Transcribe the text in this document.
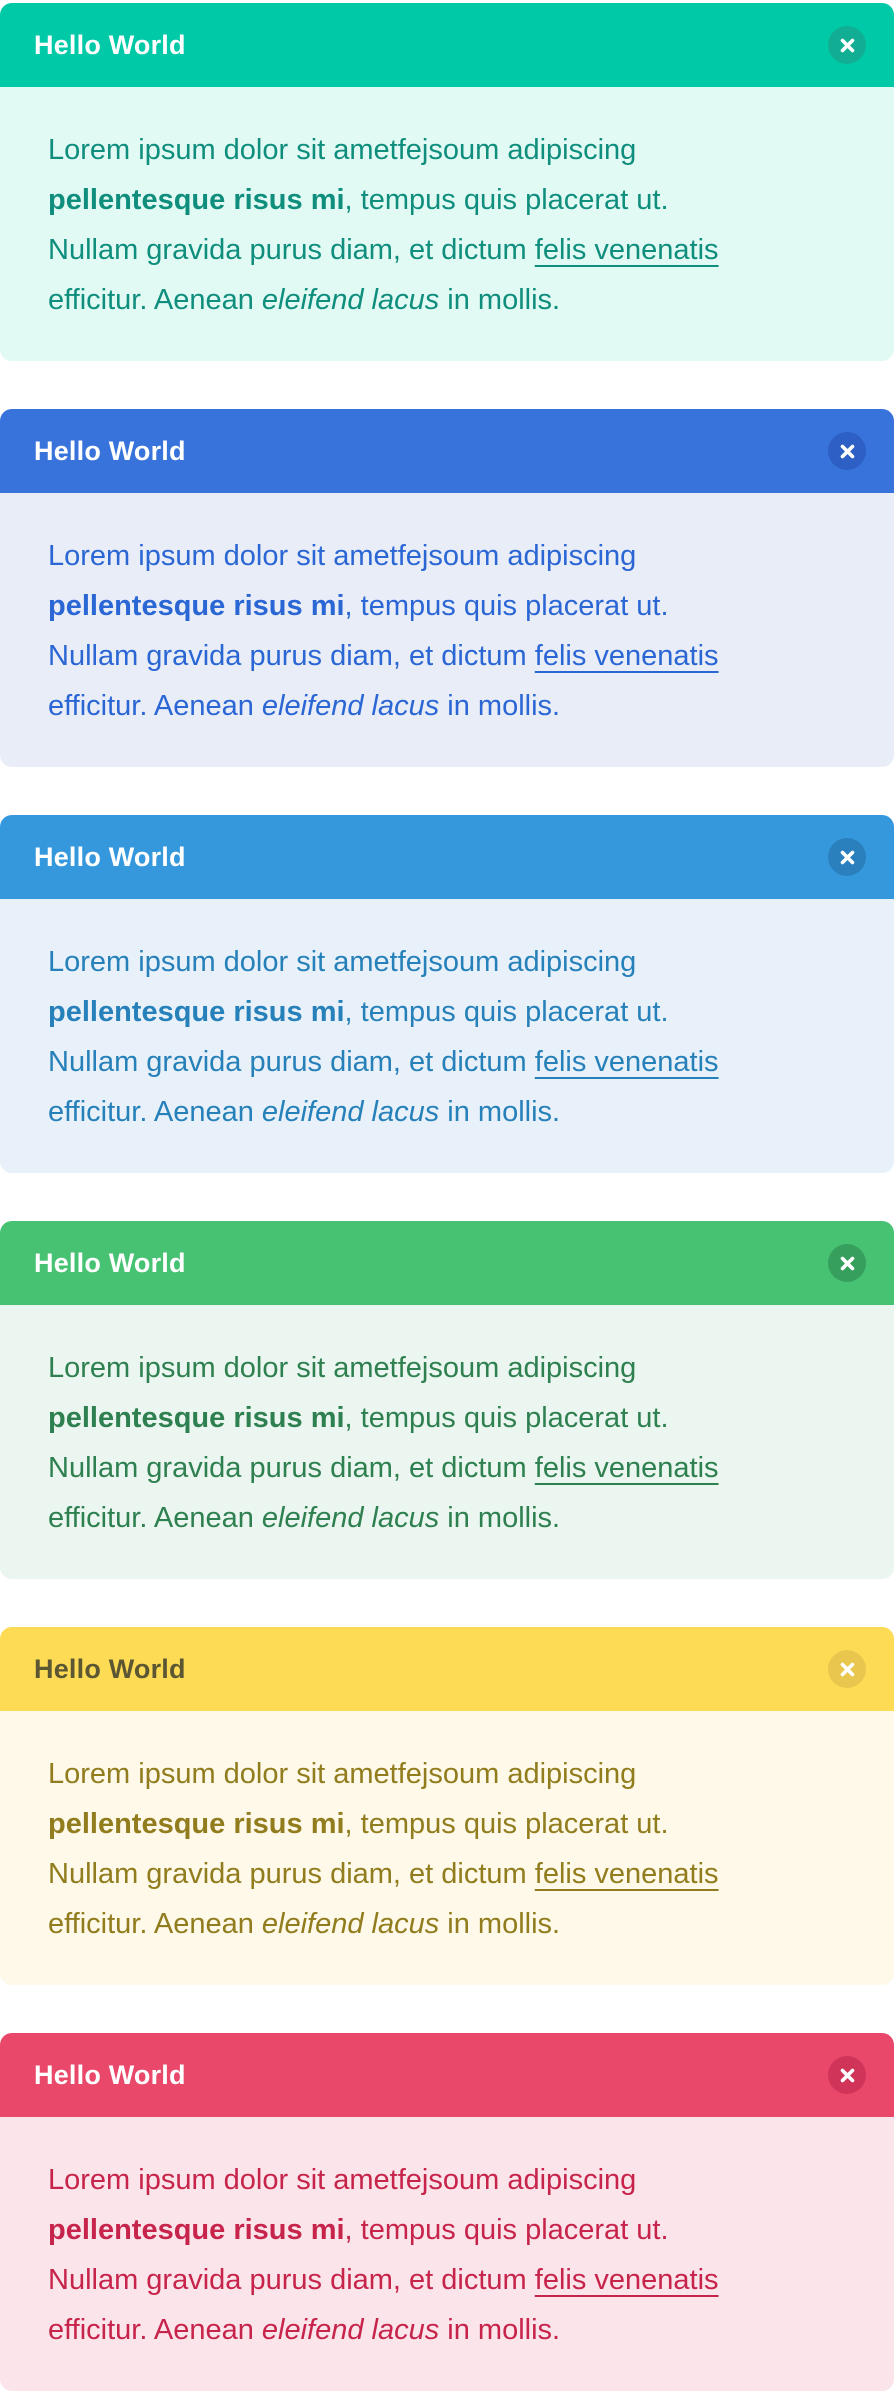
Hello World

Lorem ipsum dolor sit ametfejsoum adipiscing
pellentesque risus mi, tempus quis placerat ut.
Nullam gravida purus diam, et dictum felis venenatis
efficitur. Aenean eleifend lacus in mollis.

Hello World

Lorem ipsum dolor sit ametfejsoum adipiscing
pellentesque risus mi, tempus quis placerat ut.
Nullam gravida purus diam, et dictum felis venenatis
efficitur. Aenean eleifend lacus in mollis.

Hello World

Lorem ipsum dolor sit ametfejsoum adipiscing
pellentesque risus mi, tempus quis placerat ut.
Nullam gravida purus diam, et dictum felis venenatis
efficitur. Aenean eleifend lacus in mollis.

Hello World

Lorem ipsum dolor sit ametfejsoum adipiscing
pellentesque risus mi, tempus quis placerat ut.
Nullam gravida purus diam, et dictum felis venenatis
efficitur. Aenean eleifend lacus in mollis.

Hello World

Lorem ipsum dolor sit ametfejsoum adipiscing
pellentesque risus mi, tempus quis placerat ut.
Nullam gravida purus diam, et dictum felis venenatis
efficitur. Aenean eleifend lacus in mollis.

Hello World

Lorem ipsum dolor sit ametfejsoum adipiscing
pellentesque risus mi, tempus quis placerat ut.
Nullam gravida purus diam, et dictum felis venenatis
efficitur. Aenean eleifend lacus in mollis.
